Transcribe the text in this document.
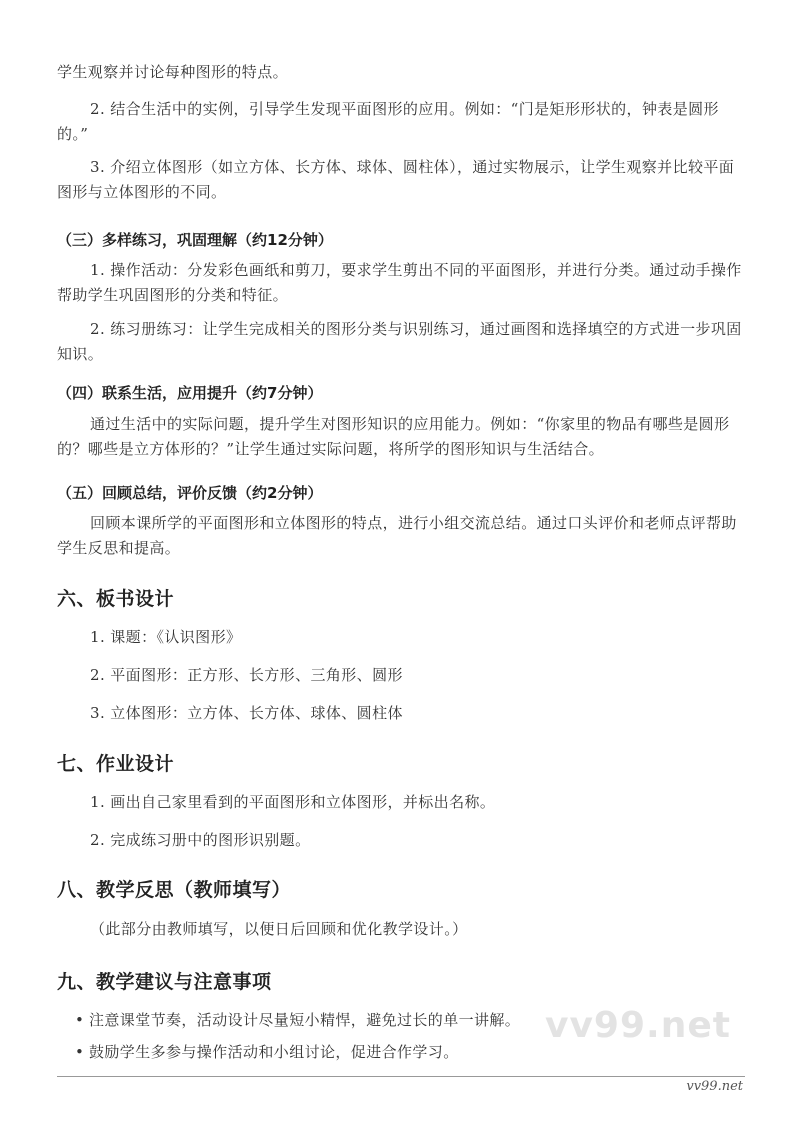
vv99.net
学生观察并讨论每种图形的特点。
2. 结合生活中的实例，引导学生发现平面图形的应用。例如：“门是矩形形状的，钟表是圆形的。”
3. 介绍立体图形（如立方体、长方体、球体、圆柱体），通过实物展示，让学生观察并比较平面图形与立体图形的不同。
（三）多样练习，巩固理解（约12分钟）
1. 操作活动：分发彩色画纸和剪刀，要求学生剪出不同的平面图形，并进行分类。通过动手操作帮助学生巩固图形的分类和特征。
2. 练习册练习：让学生完成相关的图形分类与识别练习，通过画图和选择填空的方式进一步巩固知识。
（四）联系生活，应用提升（约7分钟）
通过生活中的实际问题，提升学生对图形知识的应用能力。例如：“你家里的物品有哪些是圆形的？哪些是立方体形的？”让学生通过实际问题，将所学的图形知识与生活结合。
（五）回顾总结，评价反馈（约2分钟）
回顾本课所学的平面图形和立体图形的特点，进行小组交流总结。通过口头评价和老师点评帮助学生反思和提高。
六、板书设计
1. 课题：《认识图形》
2. 平面图形：正方形、长方形、三角形、圆形
3. 立体图形：立方体、长方体、球体、圆柱体
七、作业设计
1. 画出自己家里看到的平面图形和立体图形，并标出名称。
2. 完成练习册中的图形识别题。
八、教学反思（教师填写）
（此部分由教师填写，以便日后回顾和优化教学设计。）
九、教学建议与注意事项
• 注意课堂节奏，活动设计尽量短小精悍，避免过长的单一讲解。
• 鼓励学生多参与操作活动和小组讨论，促进合作学习。
vv99.net
